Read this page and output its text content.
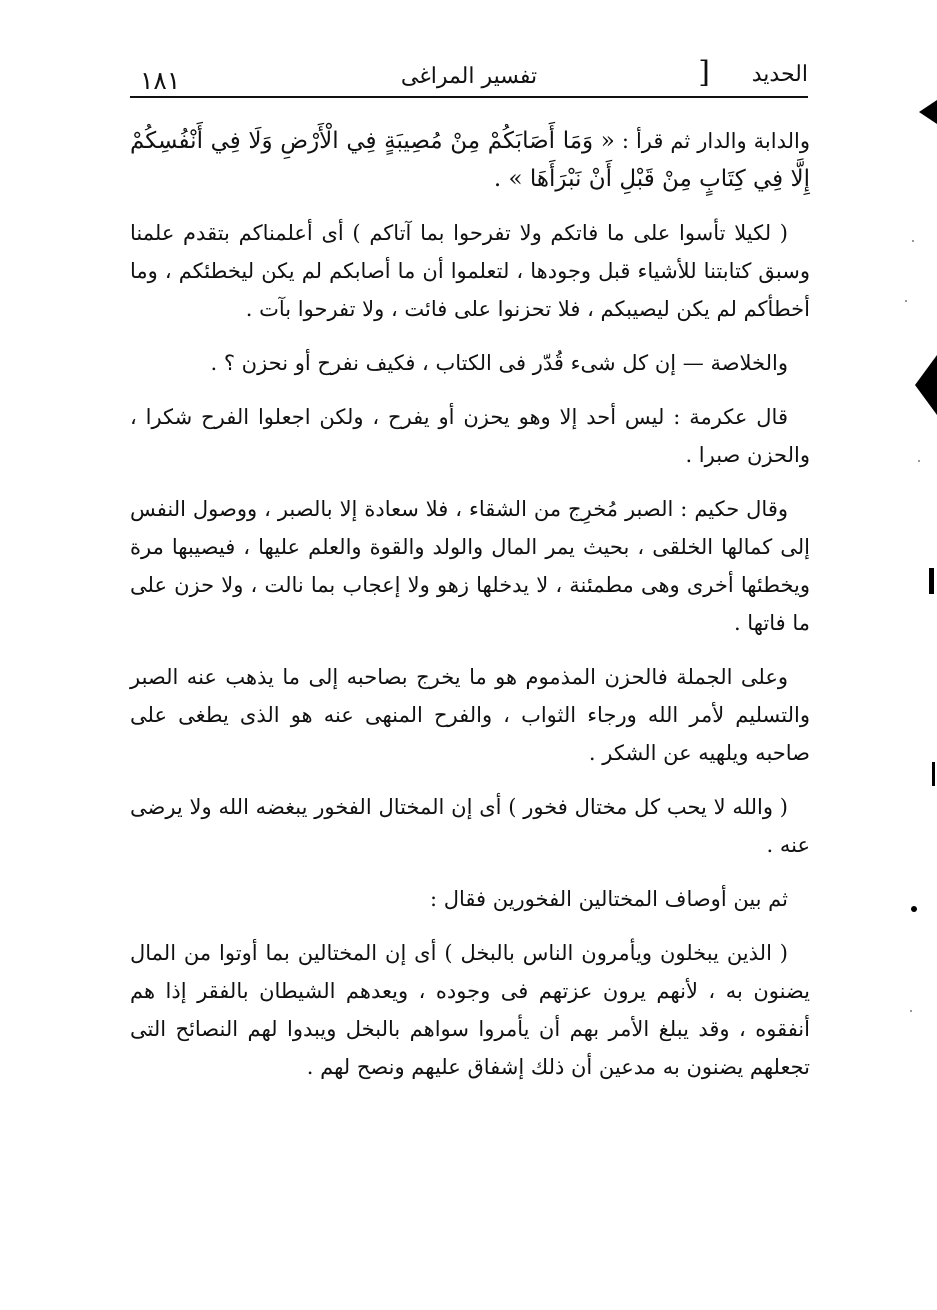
١٨١	تفسير المراغى	] الحديد

والدابة والدار ثم قرأ : « وَمَا أَصَابَكُمْ مِنْ مُصِيبَةٍ فِي الْأَرْضِ وَلَا فِي أَنْفُسِكُمْ إِلَّا فِي كِتَابٍ مِنْ قَبْلِ أَنْ نَبْرَأَهَا » .

( لكيلا تأسوا على ما فاتكم ولا تفرحوا بما آتاكم ) أى أعلمناكم بتقدم علمنا وسبق كتابتنا للأشياء قبل وجودها ، لتعلموا أن ما أصابكم لم يكن ليخطئكم ، وما أخطأكم لم يكن ليصيبكم ، فلا تحزنوا على فائت ، ولا تفرحوا بآت .

والخلاصة — إن كل شىء قُدّر فى الكتاب ، فكيف نفرح أو نحزن ؟ .

قال عكرمة : ليس أحد إلا وهو يحزن أو يفرح ، ولكن اجعلوا الفرح شكرا ، والحزن صبرا .

وقال حكيم : الصبر مُخرِج من الشقاء ، فلا سعادة إلا بالصبر ، ووصول النفس إلى كمالها الخلقى ، بحيث يمر المال والولد والقوة والعلم عليها ، فيصيبها مرة ويخطئها أخرى وهى مطمئنة ، لا يدخلها زهو ولا إعجاب بما نالت ، ولا حزن على ما فاتها .

وعلى الجملة فالحزن المذموم هو ما يخرج بصاحبه إلى ما يذهب عنه الصبر والتسليم لأمر الله ورجاء الثواب ، والفرح المنهى عنه هو الذى يطغى على صاحبه ويلهيه عن الشكر .

( والله لا يحب كل مختال فخور ) أى إن المختال الفخور يبغضه الله ولا يرضى عنه .

ثم بين أوصاف المختالين الفخورين فقال :

( الذين يبخلون ويأمرون الناس بالبخل ) أى إن المختالين بما أوتوا من المال يضنون به ، لأنهم يرون عزتهم فى وجوده ، ويعدهم الشيطان بالفقر إذا هم أنفقوه ، وقد يبلغ الأمر بهم أن يأمروا سواهم بالبخل ويبدوا لهم النصائح التى تجعلهم يضنون به مدعين أن ذلك إشفاق عليهم ونصح لهم .
